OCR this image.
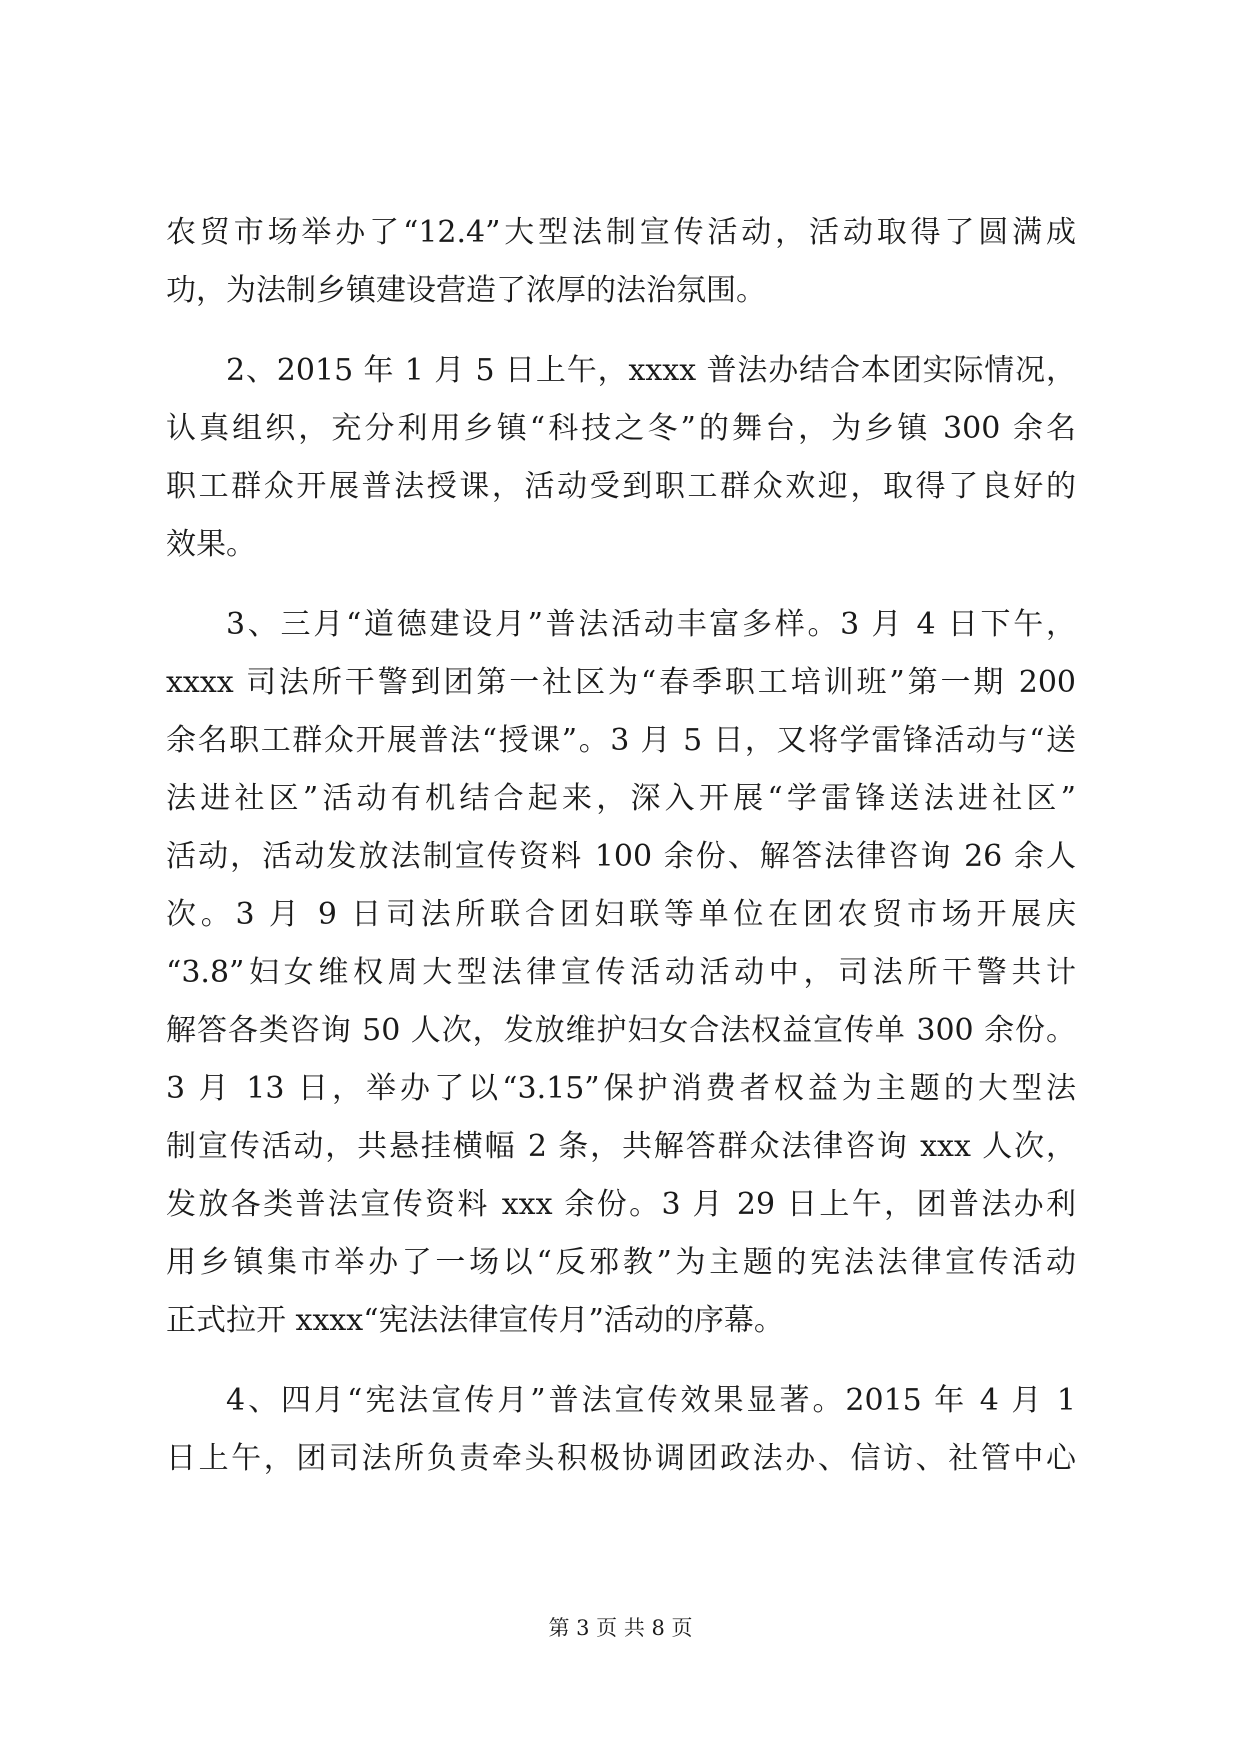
农贸市场举办了“12.4”大型法制宣传活动，活动取得了圆满成
功，为法制乡镇建设营造了浓厚的法治氛围。
2、2015 年 1 月 5 日上午，xxxx 普法办结合本团实际情况，
认真组织，充分利用乡镇“科技之冬”的舞台，为乡镇 300 余名
职工群众开展普法授课，活动受到职工群众欢迎，取得了良好的
效果。
3、三月“道德建设月”普法活动丰富多样。3 月 4 日下午，
xxxx 司法所干警到团第一社区为“春季职工培训班”第一期 200
余名职工群众开展普法“授课”。3 月 5 日，又将学雷锋活动与“送
法进社区”活动有机结合起来，深入开展“学雷锋送法进社区”
活动，活动发放法制宣传资料 100 余份、解答法律咨询 26 余人
次。3 月 9 日司法所联合团妇联等单位在团农贸市场开展庆
“3.8”妇女维权周大型法律宣传活动活动中，司法所干警共计
解答各类咨询 50 人次，发放维护妇女合法权益宣传单 300 余份。
3 月 13 日，举办了以“3.15”保护消费者权益为主题的大型法
制宣传活动，共悬挂横幅 2 条，共解答群众法律咨询 xxx 人次，
发放各类普法宣传资料 xxx 余份。3 月 29 日上午，团普法办利
用乡镇集市举办了一场以“反邪教”为主题的宪法法律宣传活动
正式拉开 xxxx“宪法法律宣传月”活动的序幕。
4、四月“宪法宣传月”普法宣传效果显著。2015 年 4 月 1
日上午，团司法所负责牵头积极协调团政法办、信访、社管中心
第 3 页 共 8 页
